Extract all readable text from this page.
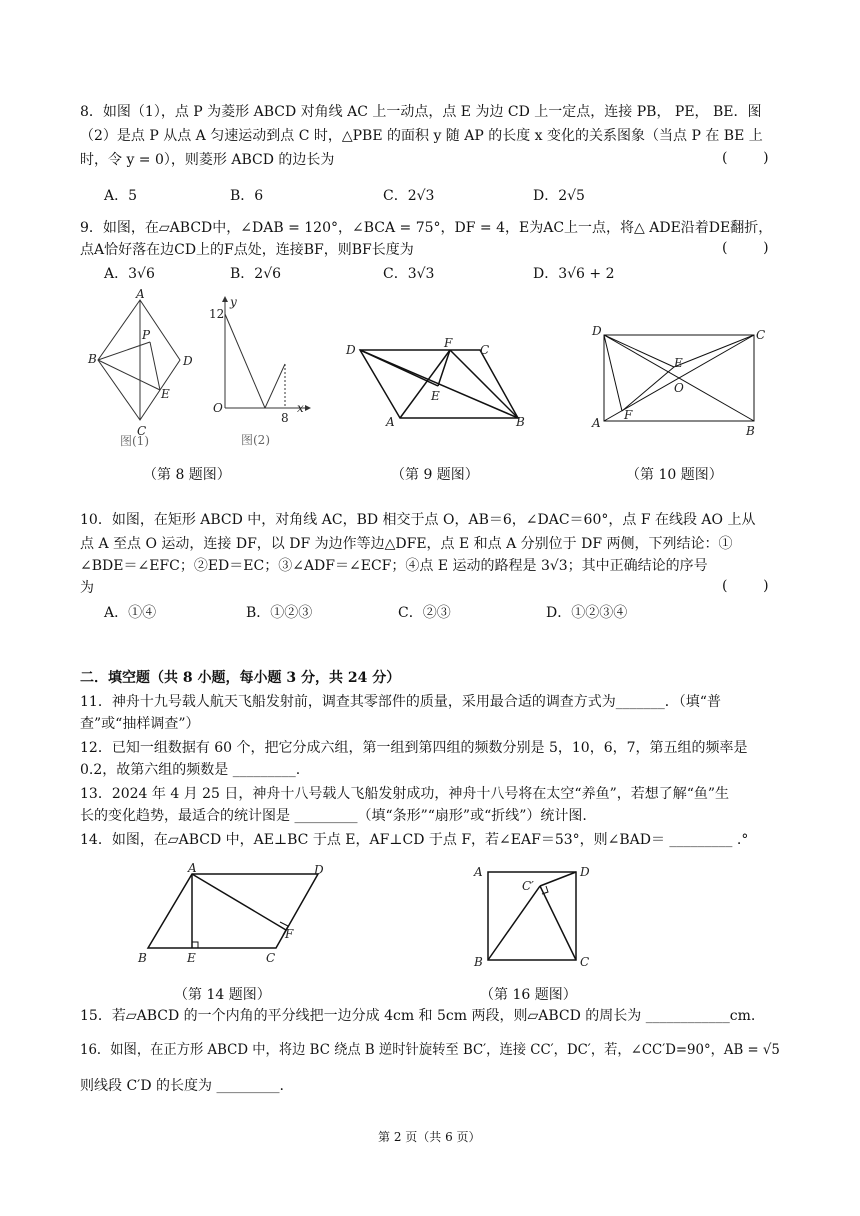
8．如图（1），点 P 为菱形 ABCD 对角线 AC 上一动点，点 E 为边 CD 上一定点，连接 PB， PE， BE．图
（2）是点 P 从点 A 匀速运动到点 C 时，△PBE 的面积 y 随 AP 的长度 x 变化的关系图象（当点 P 在 BE 上
时，令 y = 0），则菱形 ABCD 的边长为	(        )
A．5	B．6	C．2√3	D．2√5
9．如图，在▱ABCD中，∠DAB = 120°，∠BCA = 75°，DF = 4，E为AC上一点，将△ ADE沿着DE翻折，
点A恰好落在边CD上的F点处，连接BF，则BF长度为	(        )
A．3√6	B．2√6	C．3√3	D．3√6 + 2
A
B
C
D
P
E
图(1)
y
x
O
12
8
图(2)
D	F C
E
A	B
D	C
E
O
F
A
B
（第 8 题图）	（第 9 题图）	（第 10 题图）
10．如图，在矩形 ABCD 中，对角线 AC，BD 相交于点 O，AB＝6，∠DAC＝60°，点 F 在线段 AO 上从
点 A 至点 O 运动，连接 DF，以 DF 为边作等边△DFE，点 E 和点 A 分别位于 DF 两侧，下列结论：①
∠BDE＝∠EFC；②ED＝EC；③∠ADF＝∠ECF；④点 E 运动的路程是 3√3；其中正确结论的序号
为	(        )
A．①④	B．①②③	C．②③	D．①②③④
二．填空题（共 8 小题，每小题 3 分，共 24 分）
11．神舟十九号载人航天飞船发射前，调查其零部件的质量，采用最合适的调查方式为_______．（填“普
查”或“抽样调查”）
12．已知一组数据有 60 个，把它分成六组，第一组到第四组的频数分别是 5，10，6，7，第五组的频率是
0.2，故第六组的频数是 _________.
13．2024 年 4 月 25 日，神舟十八号载人飞船发射成功，神舟十八号将在太空“养鱼”，若想了解“鱼”生
长的变化趋势，最适合的统计图是 _________（填“条形”“扇形”或“折线”）统计图.
14．如图，在▱ABCD 中，AE⊥BC 于点 E，AF⊥CD 于点 F，若∠EAF＝53°，则∠BAD＝ _________ .°
A	D
F
B	E	C
A	D
C′
B	C
（第 14 题图）	（第 16 题图）
15．若▱ABCD 的一个内角的平分线把一边分成 4cm 和 5cm 两段，则▱ABCD 的周长为 ____________cm.
16．如图，在正方形 ABCD 中，将边 BC 绕点 B 逆时针旋转至 BC′，连接 CC′，DC′，若，∠CC′D=90°，AB = √5
则线段 C′D 的长度为 _________.
第 2 页（共 6 页）
